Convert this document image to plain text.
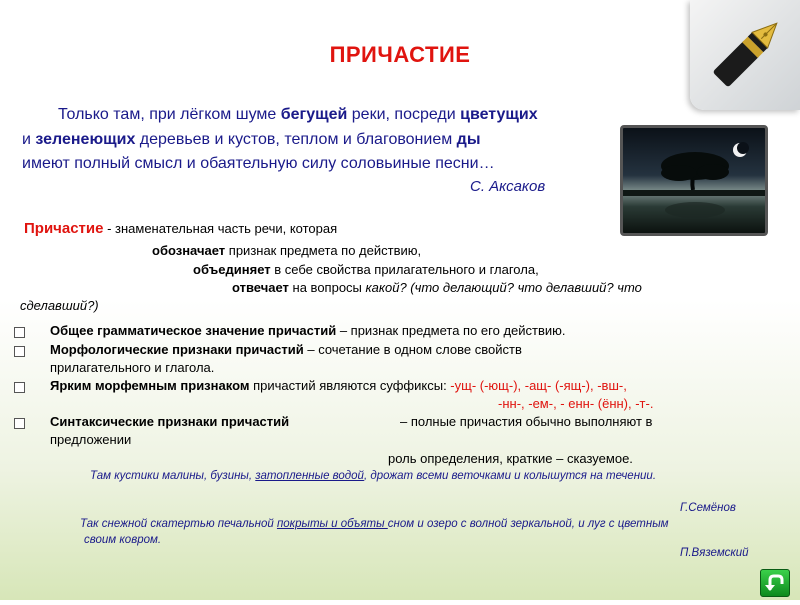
ПРИЧАСТИЕ
Только там, при лёгком шуме бегущей реки, посреди цветущих
и зеленеющих деревьев и кустов, теплом и благовонием ды
имеют полный смысл и обаятельную силу соловьиные песни…
С. Аксаков
Причастие - знаменательная часть речи, которая
обозначает признак предмета по действию,
объединяет в себе свойства прилагательного и глагола,
отвечает на вопросы какой? (что делающий? что делавший? что
сделавший?)
Общее грамматическое значение причастий – признак предмета по его действию.
Морфологические признаки причастий – сочетание в одном слове свойств
прилагательного и глагола.
Ярким морфемным признаком причастий являются суффиксы: -ущ- (-ющ-), -ащ- (-ящ-), -вш-,
-нн-, -ем-, - енн- (ённ), -т-.
Синтаксические признаки причастий	– полные причастия обычно выполняют в
предложении
роль определения, краткие – сказуемое.
Там кустики малины, бузины, затопленные водой, дрожат всеми веточками и колышутся на течении.
Г.Семёнов
Так снежной скатертью печальной покрыты и объяты сном и озеро с волной зеркальной, и луг с цветным
своим ковром.
П.Вяземский
